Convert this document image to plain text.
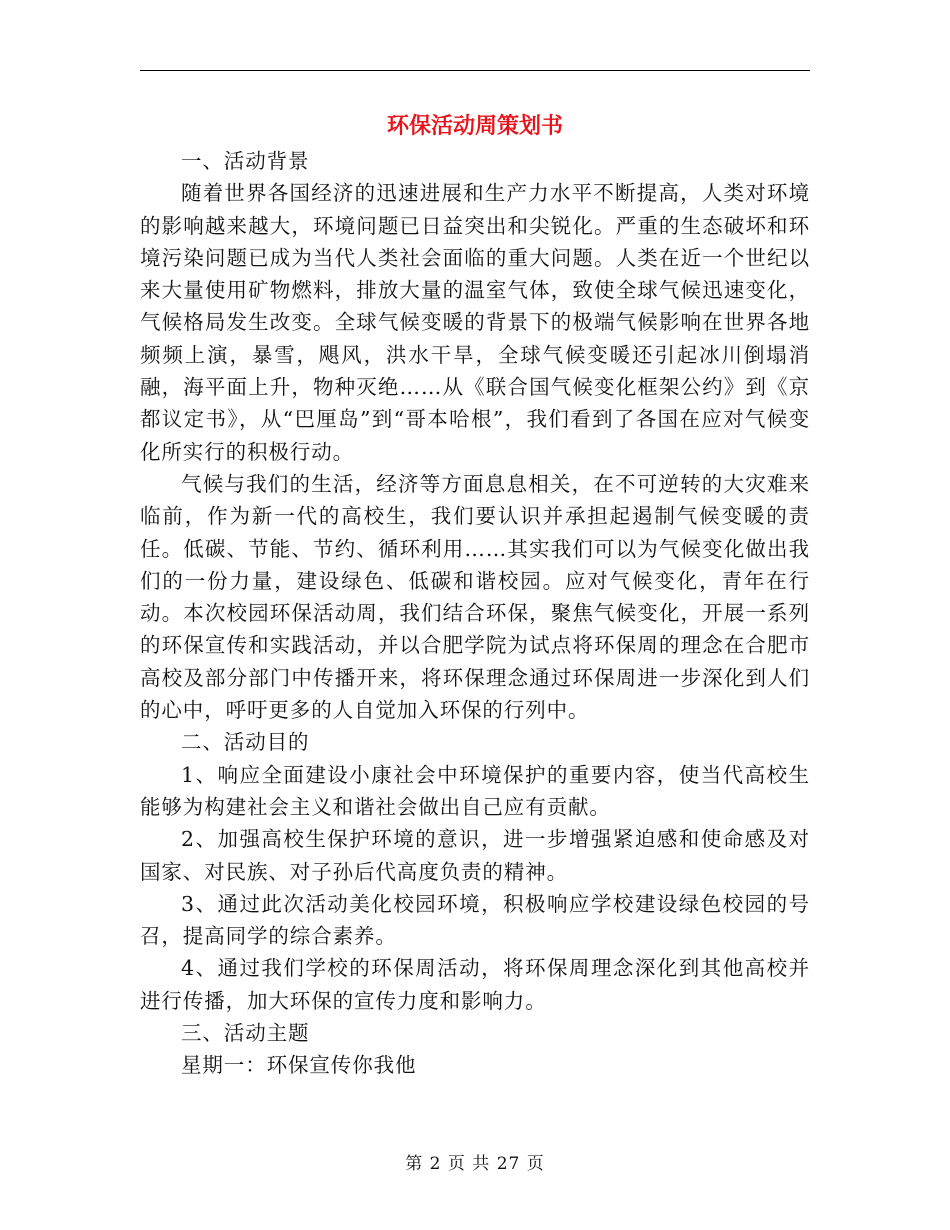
环保活动周策划书

一、活动背景

随着世界各国经济的迅速进展和生产力水平不断提高，人类对环境的影响越来越大，环境问题已日益突出和尖锐化。严重的生态破坏和环境污染问题已成为当代人类社会面临的重大问题。人类在近一个世纪以来大量使用矿物燃料，排放大量的温室气体，致使全球气候迅速变化，气候格局发生改变。全球气候变暖的背景下的极端气候影响在世界各地频频上演，暴雪，飓风，洪水干旱，全球气候变暖还引起冰川倒塌消融，海平面上升，物种灭绝……从《联合国气候变化框架公约》到《京都议定书》，从“巴厘岛”到“哥本哈根”，我们看到了各国在应对气候变化所实行的积极行动。

气候与我们的生活，经济等方面息息相关，在不可逆转的大灾难来临前，作为新一代的高校生，我们要认识并承担起遏制气候变暖的责任。低碳、节能、节约、循环利用……其实我们可以为气候变化做出我们的一份力量，建设绿色、低碳和谐校园。应对气候变化，青年在行动。本次校园环保活动周，我们结合环保，聚焦气候变化，开展一系列的环保宣传和实践活动，并以合肥学院为试点将环保周的理念在合肥市高校及部分部门中传播开来，将环保理念通过环保周进一步深化到人们的心中，呼吁更多的人自觉加入环保的行列中。

二、活动目的

1、响应全面建设小康社会中环境保护的重要内容，使当代高校生能够为构建社会主义和谐社会做出自己应有贡献。

2、加强高校生保护环境的意识，进一步增强紧迫感和使命感及对国家、对民族、对子孙后代高度负责的精神。

3、通过此次活动美化校园环境，积极响应学校建设绿色校园的号召，提高同学的综合素养。

4、通过我们学校的环保周活动，将环保周理念深化到其他高校并进行传播，加大环保的宣传力度和影响力。

三、活动主题

星期一：环保宣传你我他

第 2 页 共 27 页
